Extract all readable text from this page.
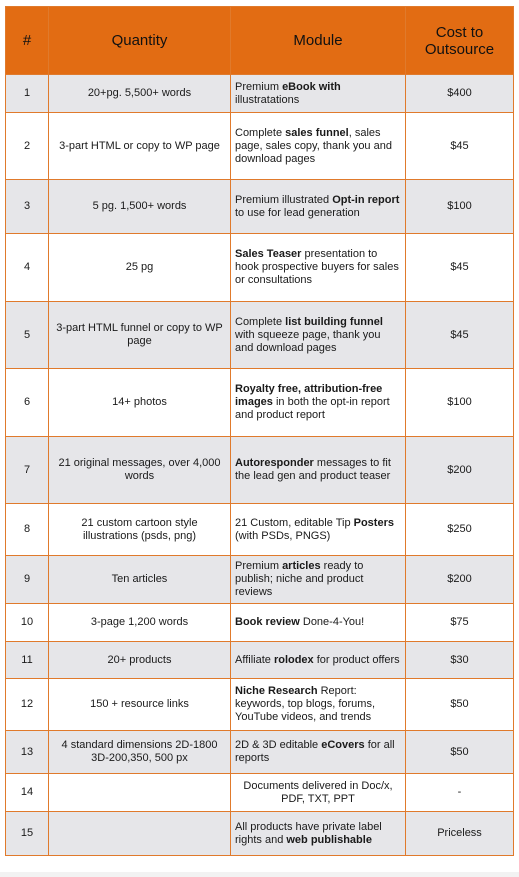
#	Quantity	Module	Cost to Outsource
1	20+pg. 5,500+ words	Premium eBook with illustratations	$400
2	3-part HTML or copy to WP page	Complete sales funnel, sales page, sales copy, thank you and download pages	$45
3	5 pg. 1,500+ words	Premium illustrated Opt-in report to use for lead generation	$100
4	25 pg	Sales Teaser presentation to hook prospective buyers for sales or consultations	$45
5	3-part HTML funnel or copy to WP page	Complete list building funnel with squeeze page, thank you and download pages	$45
6	14+ photos	Royalty free, attribution-free images in both the opt-in report and product report	$100
7	21 original messages, over 4,000 words	Autoresponder messages to fit the lead gen and product teaser	$200
8	21 custom cartoon style illustrations (psds, png)	21 Custom, editable Tip Posters (with PSDs, PNGS)	$250
9	Ten articles	Premium articles ready to publish; niche and product reviews	$200
10	3-page 1,200 words	Book review Done-4-You!	$75
11	20+ products	Affiliate rolodex for product offers	$30
12	150 + resource links	Niche Research Report: keywords, top blogs, forums, YouTube videos, and trends	$50
13	4 standard dimensions 2D-1800 3D-200,350, 500 px	2D & 3D editable eCovers for all reports	$50
14		Documents delivered in Doc/x, PDF, TXT, PPT	-
15		All products have private label rights and web publishable	Priceless
